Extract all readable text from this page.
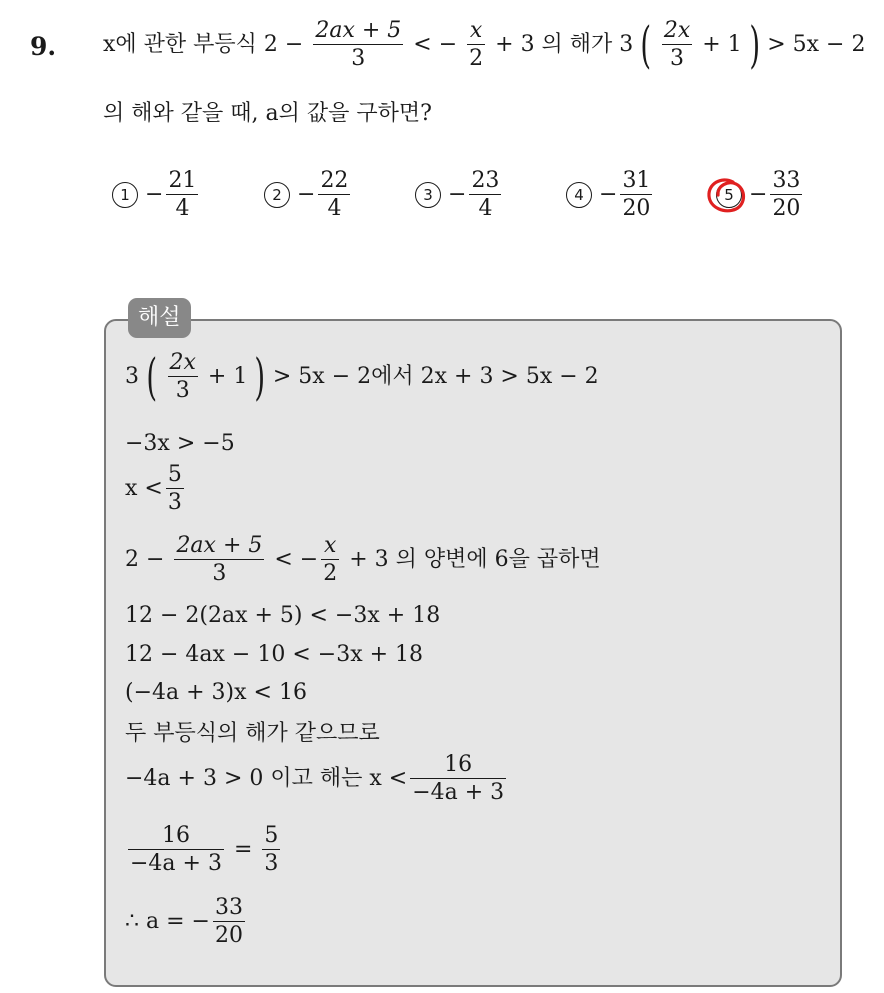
9. x에 관한 부등식 $2 - \frac{2ax + 5}{3}$ < − $\frac{x}{2} + 3$ 의 해가 3 ( $\frac{2x}{3} + 1$ ) > 5x − 2
의 해와 같을 때, a의 값을 구하면?
$1 - \frac{21}{4}$	$2 - \frac{22}{4}$	$3 - \frac{23}{4}$	$4 - \frac{31}{20}$	$5 - \frac{33}{20}$
해설
3 ( $\frac{2x}{3} + 1$ ) > 5x − 2에서 2x + 3 > 5x − 2
−3x > −5
$x < \frac{5}{3}$
$2 - \frac{2ax + 5}{3}$ < − $\frac{x}{2} + 3$ 의 양변에 6을 곱하면
12 − 2(2ax + 5) < −3x + 18
12 − 4ax − 10 < −3x + 18
(−4a + 3)x < 16
두 부등식의 해가 같으므로
−4a + 3 > 0 이고 해는 $x < \frac{16}{-4a + 3}$
$\frac{16}{-4a + 3} = \frac{5}{3}$
∴ a = − $\frac{33}{20}$
